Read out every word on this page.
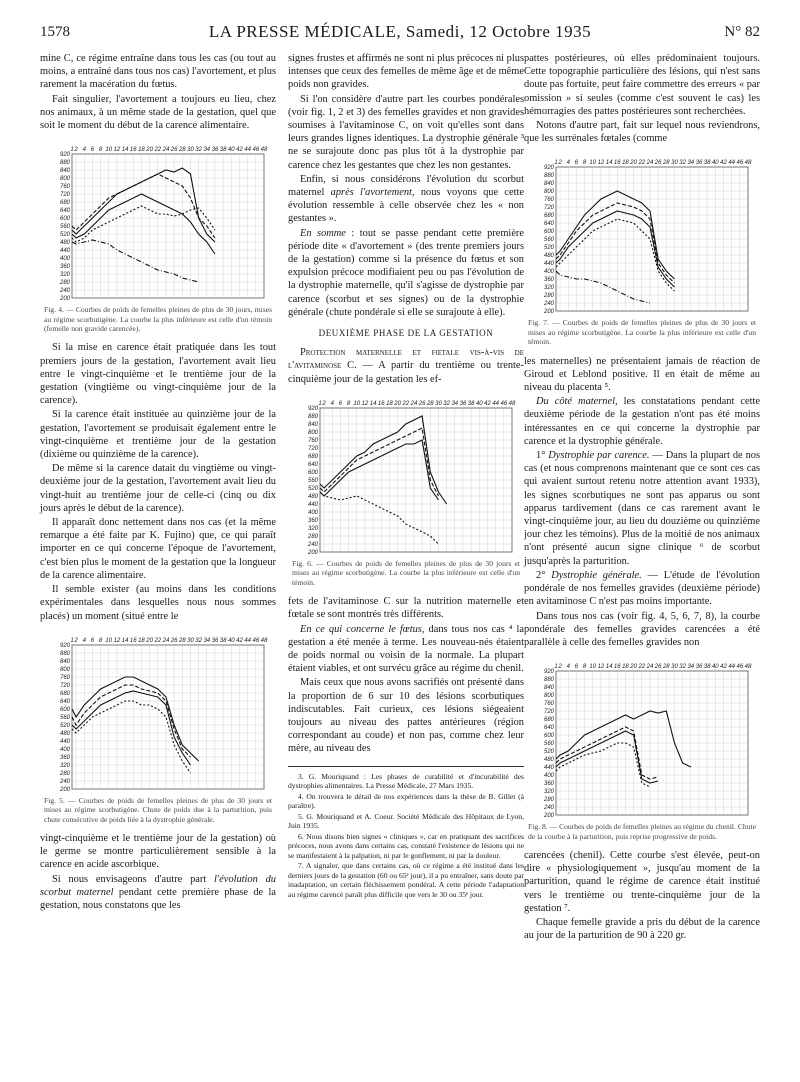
1578	LA PRESSE MÉDICALE, Samedi, 12 Octobre 1935	N° 82

mine C, ce régime entraîne dans tous les cas (ou tout au moins, a entraîné dans tous nos cas) l'avortement, et plus rarement la macération du fœtus.

Fait singulier, l'avortement a toujours eu lieu, chez nos animaux, à un même stade de la gestation, quel que soit le moment du début de la carence alimentaire.

1 2 4 6 8 10 12 14 16 18 20 22 24 26 28 30 32 34 36 38 40 42 44 46 48
920
880
840
800
760
720
680
640
600
560
520
480
440
400
360
320
280
240
200
Fig. 4. — Courbes de poids de femelles pleines de plus de 30 jours, mises au régime scorbutigène. La courbe la plus inférieure est celle d'un témoin (femelle non gravide carencée).

Si la mise en carence était pratiquée dans les tout premiers jours de la gestation, l'avortement avait lieu entre le vingt-cinquième et le trentième jour de la gestation (vingtième ou vingt-cinquième jour de la carence).

Si la carence était instituée au quinzième jour de la gestation, l'avortement se produisait également entre le vingt-cinquième et trentième jour de la gestation (dixième ou quinzième de la carence).

De même si la carence datait du vingtième ou vingt-deuxième jour de la gestation, l'avortement avait lieu du vingt-huit au trentième jour de celle-ci (cinq ou dix jours après le début de la carence).

Il apparaît donc nettement dans nos cas (et la même remarque a été faite par K. Fujino) que, ce qui paraît importer en ce qui concerne l'époque de l'avortement, c'est bien plus le moment de la gestation que la longueur de la carence alimentaire.

Il semble exister (au moins dans les conditions expérimentales dans lesquelles nous nous sommes placés) un moment (situé entre le

1 2 4 6 8 10 12 14 16 18 20 22 24 26 28 30 32 34 36 38 40 42 44 46 48
920
880
840
800
760
720
680
640
600
560
520
480
440
400
360
320
280
240
200
Fig. 5. — Courbes de poids de femelles pleines de plus de 30 jours et mises au régime scorbutigène. Chute de poids due à la parturition, puis chute consécutive de poids liée à la dystrophie générale.

vingt-cinquième et le trentième jour de la gestation) où le germe se montre particulièrement sensible à la carence en acide ascorbique.

Si nous envisageons d'autre part l'évolution du scorbut maternel pendant cette première phase de la gestation, nous constatons que les

signes frustes et affirmés ne sont ni plus précoces ni plus intenses que ceux des femelles de même âge et de même poids non gravides.

Si l'on considère d'autre part les courbes pondérales (voir fig. 1, 2 et 3) des femelles gravides et non gravides soumises à l'avitaminose C, on voit qu'elles sont dans leurs grandes lignes identiques. La dystrophie générale ³ ne se surajoute donc pas plus tôt à la dystrophie par carence chez les gestantes que chez les non gestantes.

Enfin, si nous considérons l'évolution du scorbut maternel après l'avortement, nous voyons que cette évolution ressemble à celle observée chez les « non gestantes ».

En somme : tout se passe pendant cette première période dite « d'avortement » (des trente premiers jours de la gestation) comme si la présence du fœtus et son expulsion précoce modifiaient peu ou pas l'évolution de la dystrophie maternelle, qu'il s'agisse de dystrophie par carence (scorbut et ses signes) ou de la dystrophie générale (chute pondérale si elle se surajoute à elle).

DEUXIÈME PHASE DE LA GESTATION

Protection maternelle et fœtale vis-à-vis de l'avitaminose C. — A partir du trentième ou trente-cinquième jour de la gestation les ef-

1 2 4 6 8 10 12 14 16 18 20 22 24 26 28 30 32 34 36 38 40 42 44 46 48
920
880
840
800
760
720
680
640
600
560
520
480
440
400
360
320
280
240
200
Fig. 6. — Courbes de poids de femelles pleines de plus de 30 jours et mises au régime scorbutigène. La courbe la plus inférieure est celle d'un témoin.

fets de l'avitaminose C sur la nutrition maternelle et fœtale se sont montrés très différents.

En ce qui concerne le fœtus, dans tous nos cas ⁴ la gestation a été menée à terme. Les nouveau-nés étaient de poids normal ou voisin de la normale. La plupart étaient viables, et ont survécu grâce au régime du chenil.

Mais ceux que nous avons sacrifiés ont présenté dans la proportion de 6 sur 10 des lésions scorbutiques indiscutables. Fait curieux, ces lésions siégeaient toujours au niveau des pattes antérieures (région correspondant au coude) et non pas, comme chez leur mère, au niveau des

3. G. Mouriquand : Les phases de curabilité et d'incurabilité des dystrophies alimentaires. La Presse Médicale, 27 Mars 1935.

4. On trouvera le détail de nos expériences dans la thèse de B. Gillet (à paraître).

5. G. Mouriquand et A. Coeur. Société Médicale des Hôpitaux de Lyon, Juin 1935.

6. Nous disons bien signes « cliniques », car en pratiquant des sacrifices précoces, nous avons dans certains cas, constaté l'existence de lésions qui ne se manifestaient à la palpation, ni par le gonflement, ni par la douleur.

7. A signaler, que dans certains cas, où ce régime a été institué dans les derniers jours de la gestation (60 ou 65ᵉ jour), il a pu entraîner, sans doute par inadaptation, un certain fléchissement pondéral. A cette période l'adaptation au régime carencé paraît plus difficile que vers le 30 ou 35ᵉ jour.

pattes postérieures, où elles prédominaient toujours. Cette topographie particulière des lésions, qui n'est sans doute pas fortuite, peut faire commettre des erreurs « par omission » si seules (comme c'est souvent le cas) les hémorragies des pattes postérieures sont recherchées.

Notons d'autre part, fait sur lequel nous reviendrons, que les surrénales fœtales (comme

1 2 4 6 8 10 12 14 16 18 20 22 24 26 28 30 32 34 36 38 40 42 44 46 48
920
880
840
800
760
720
680
640
600
560
520
480
440
400
360
320
280
240
200
Fig. 7. — Courbes de poids de femelles pleines de plus de 30 jours et mises au régime scorbutigène. La courbe la plus inférieure est celle d'un témoin.

les maternelles) ne présentaient jamais de réaction de Giroud et Leblond positive. Il en était de même au niveau du placenta ⁵.

Du côté maternel, les constatations pendant cette deuxième période de la gestation n'ont pas été moins intéressantes en ce qui concerne la dystrophie par carence et la dystrophie générale.

1° Dystrophie par carence. — Dans la plupart de nos cas (et nous comprenons maintenant que ce sont ces cas qui avaient surtout retenu notre attention avant 1933), les signes scorbutiques ne sont pas apparus ou sont apparus tardivement (dans ce cas rarement avant le vingt-cinquième jour, au lieu du douzième ou quinzième jour chez les témoins). Plus de la moitié de nos animaux n'ont présenté aucun signe clinique ⁶ de scorbut jusqu'après la parturition.

2° Dystrophie générale. — L'étude de l'évolution pondérale de nos femelles gravides (deuxième période) en avitaminose C n'est pas moins importante.

Dans tous nos cas (voir fig. 4, 5, 6, 7, 8), la courbe pondérale des femelles gravides carencées a été parallèle à celle des femelles gravides non

1 2 4 6 8 10 12 14 16 18 20 22 24 26 28 30 32 34 36 38 40 42 44 46 48
920
880
840
800
760
720
680
640
600
560
520
480
440
400
360
320
280
240
200
Fig. 8. — Courbes de poids de femelles pleines au régime du chenil. Chute de la courbe à la parturition, puis reprise progressive de poids.

carencées (chenil). Cette courbe s'est élevée, peut-on dire « physiologiquement », jusqu'au moment de la parturition, quand le régime de carence était institué vers le trentième ou trente-cinquième jour de la gestation ⁷.

Chaque femelle gravide a pris du début de la carence au jour de la parturition de 90 à 220 gr.
